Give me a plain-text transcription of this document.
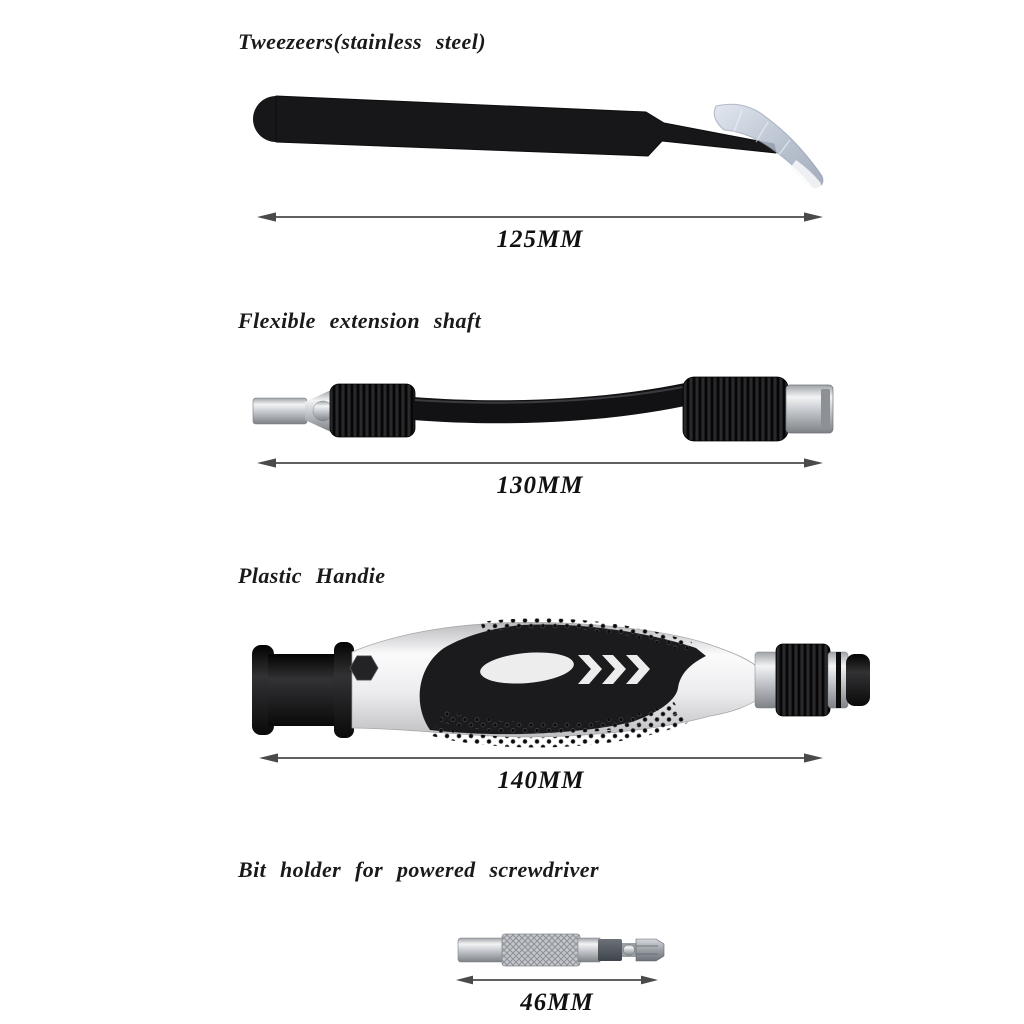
Tweezeers(stainless steel)
125MM
Flexible extension shaft
130MM
Plastic Handie
140MM
Bit holder for powered screwdriver
46MM
